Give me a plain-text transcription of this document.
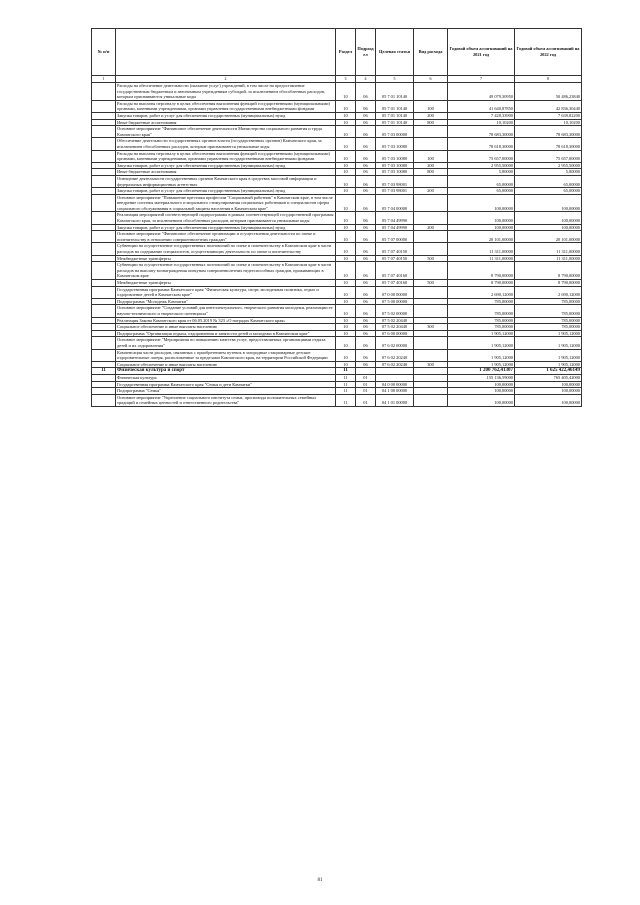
№ п/п		Раздел	Подраздел	Целевая статья	Вид расхода	Годовой объем ассигнований на 2021 год	Годовой объем ассигнований на 2022 год
1	2	3	4	5	6	7	8
	Расходы на обеспечение деятельности (оказание услуг) учреждений, в том числе на предоставление государственным бюджетным и автономным учреждениям субсидий, за исключением обособленных расходов, которым присваиваются уникальные коды	10	06	05 7 01 10140		49 079,30950	50 486,23840
	Расходы на выплаты персоналу в целях обеспечения выполнения функций государственными (муниципальными) органами, казенными учреждениями, органами управления государственными внебюджетными фондами	10	06	05 7 01 10140	100	41 640,87850	42 836,30440
	Закупка товаров, работ и услуг для обеспечения государственных (муниципальных) нужд	10	06	05 7 01 10140	200	7 428,33900	7 639,82200
	Иные бюджетные ассигнования	10	06	05 7 01 10140	800	10,10200	10,10200
	Основное мероприятие "Финансовое обеспечение деятельности Министерства социального развития и труда Камчатского края"	10	06	05 7 03 00000		78 683,30000	78 683,30000
	Обеспечение деятельности государственных органов власти (государственных органов) Камчатского края, за исключением обособленных расходов, которым присваиваются уникальные коды	10	06	05 7 03 10080		78 618,30000	78 618,30000
	Расходы на выплаты персоналу в целях обеспечения выполнения функций государственными (муниципальными) органами, казенными учреждениями, органами управления государственными внебюджетными фондами	10	06	05 7 03 10080	100	75 657,00000	75 657,00000
	Закупка товаров, работ и услуг для обеспечения государственных (муниципальных) нужд	10	06	05 7 03 10080	200	2 955,50000	2 955,50000
	Иные бюджетные ассигнования	10	06	05 7 03 10080	800	5,80000	5,80000
	Освещение деятельности государственных органов Камчатского края в средствах массовой информации и федеральных информационных агентствах	10	06	05 7 03 98001		65,00000	65,00000
	Закупка товаров, работ и услуг для обеспечения государственных (муниципальных) нужд	10	06	05 7 03 98001	200	65,00000	65,00000
	Основное мероприятие "Повышение престижа профессии "Социальный работник" в Камчатском крае, в том числе внедрение системы материального и морального стимулирования социальных работников и специалистов сферы социального обслуживания в социальной защиты населения в Камчатском крае"	10	06	05 7 04 00000		100,00000	100,00000
	Реализация мероприятий соответствующей подпрограммы в рамках соответствующей государственной программы Камчатского края, за исключением обособленных расходов, которым присваиваются уникальные коды	10	06	05 7 04 49990		100,00000	100,00000
	Закупка товаров, работ и услуг для обеспечения государственных (муниципальных) нужд	10	06	05 7 04 49990	200	100,00000	100,00000
	Основное мероприятие "Финансовое обеспечение организации и осуществления деятельности по опеке и попечительству в отношении совершеннолетних граждан"	10	06	05 7 07 00000		20 101,00000	20 101,00000
	Субвенции на осуществление государственных полномочий по опеке и попечительству в Камчатском крае в части расходов на содержание специалистов, осуществляющих деятельность по опеке и попечительству	10	06	05 7 07 40150		11 311,00000	11 311,00000
	Межбюджетные трансферты	10	06	05 7 07 40150	500	11 311,00000	11 311,00000
	Субвенции на осуществление государственных полномочий по опеке и попечительству в Камчатском крае в части расходов на выплату вознаграждения опекунам совершеннолетних недееспособных граждан, проживающих в Камчатском крае	10	06	05 7 07 40160		8 790,00000	8 790,00000
	Межбюджетные трансферты	10	06	05 7 07 40160	500	8 790,00000	8 790,00000
	Государственная программа Камчатского края "Физическая культура, спорт, молодежная политика, отдых и оздоровление детей в Камчатском крае"	10	06	07 0 00 00000		2 690,12000	2 690,12000
	Подпрограмма "Молодежь Камчатки"	10	06	07 5 00 00000		785,00000	785,00000
	Основное мероприятие "Создание условий для интеллектуального, творческого развития молодежи, реализации ее научно-технического и творческого потенциала"	10	06	07 5 02 00000		785,00000	785,00000
	Реализация Закона Камчатского края от 06.05.2019 № 323 «О наградах Камчатского края»	10	06	07 5 02 20440		785,00000	785,00000
	Социальное обеспечение и иные выплаты населению	10	06	07 5 02 20440	300	785,00000	785,00000
	Подпрограмма "Организация отдыха, оздоровления и занятости детей и молодежи в Камчатском крае"	10	06	07 6 00 00000		1 905,12000	1 905,12000
	Основное мероприятие "Мероприятия по повышению качества услуг, предоставляемых организациями отдыха детей и их оздоровления"	10	06	07 6 02 00000		1 905,12000	1 905,12000
	Компенсация части расходов, связанных с приобретением путевок в загородные стационарные детские оздоровительные лагеря, расположенные за пределами Камчатского края, на территории Российской Федерации	10	06	07 6 02 20240		1 905,12000	1 905,12000
	Социальное обеспечение и иные выплаты населению	10	06	07 6 02 20240	300	1 905,12000	1 905,12000
11	Физическая культура и спорт	11				1 200 762,41307	1 625 422,46149
	Физическая культура	11	01			155 136,59000	765 405,42000
	Государственная программа Камчатского края "Семья и дети Камчатки"	11	01	04 0 00 00000		100,00000	100,00000
	Подпрограмма "Семья"	11	01	04 1 00 00000		100,00000	100,00000
	Основное мероприятие "Укрепление социального института семьи, пропаганда положительных семейных традиций и семейных ценностей и ответственного родительства"	11	01	04 1 01 00000		100,00000	100,00000
81
